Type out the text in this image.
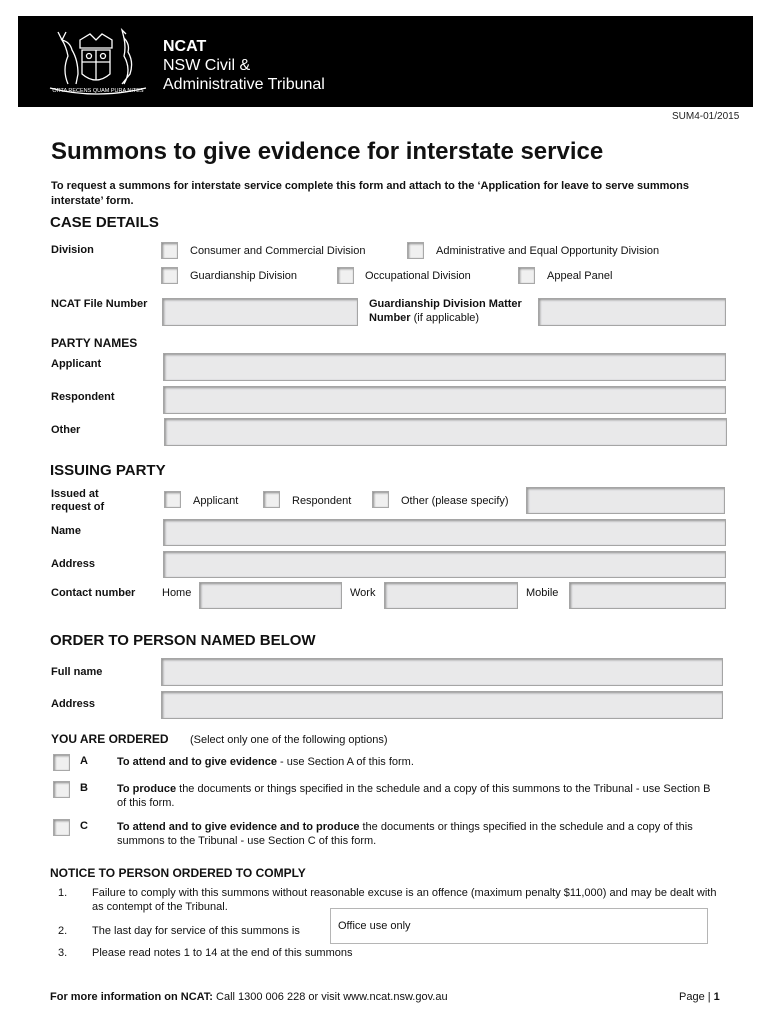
ORTA RECENS QUAM PURA NITES
NCAT
NSW Civil &
Administrative Tribunal
SUM4-01/2015
Summons to give evidence for interstate service
To request a summons for interstate service complete this form and attach to the ‘Application for leave to serve summons interstate’ form.
CASE DETAILS
Division	Consumer and Commercial Division	Administrative and Equal Opportunity Division
Guardianship Division	Occupational Division	Appeal Panel
NCAT File Number	Guardianship Division Matter Number (if applicable)
PARTY NAMES
Applicant
Respondent
Other
ISSUING PARTY
Issued at request of	Applicant	Respondent	Other (please specify)
Name
Address
Contact number Home	Work	Mobile
ORDER TO PERSON NAMED BELOW
Full name
Address
YOU ARE ORDERED (Select only one of the following options)
A	To attend and to give evidence - use Section A of this form.
B	To produce the documents or things specified in the schedule and a copy of this summons to the Tribunal - use Section B of this form.
C	To attend and to give evidence and to produce the documents or things specified in the schedule and a copy of this summons to the Tribunal - use Section C of this form.
NOTICE TO PERSON ORDERED TO COMPLY
1. Failure to comply with this summons without reasonable excuse is an offence (maximum penalty $11,000) and may be dealt with as contempt of the Tribunal.
2. The last day for service of this summons is	Office use only
3. Please read notes 1 to 14 at the end of this summons
For more information on NCAT: Call 1300 006 228 or visit www.ncat.nsw.gov.au	Page | 1
